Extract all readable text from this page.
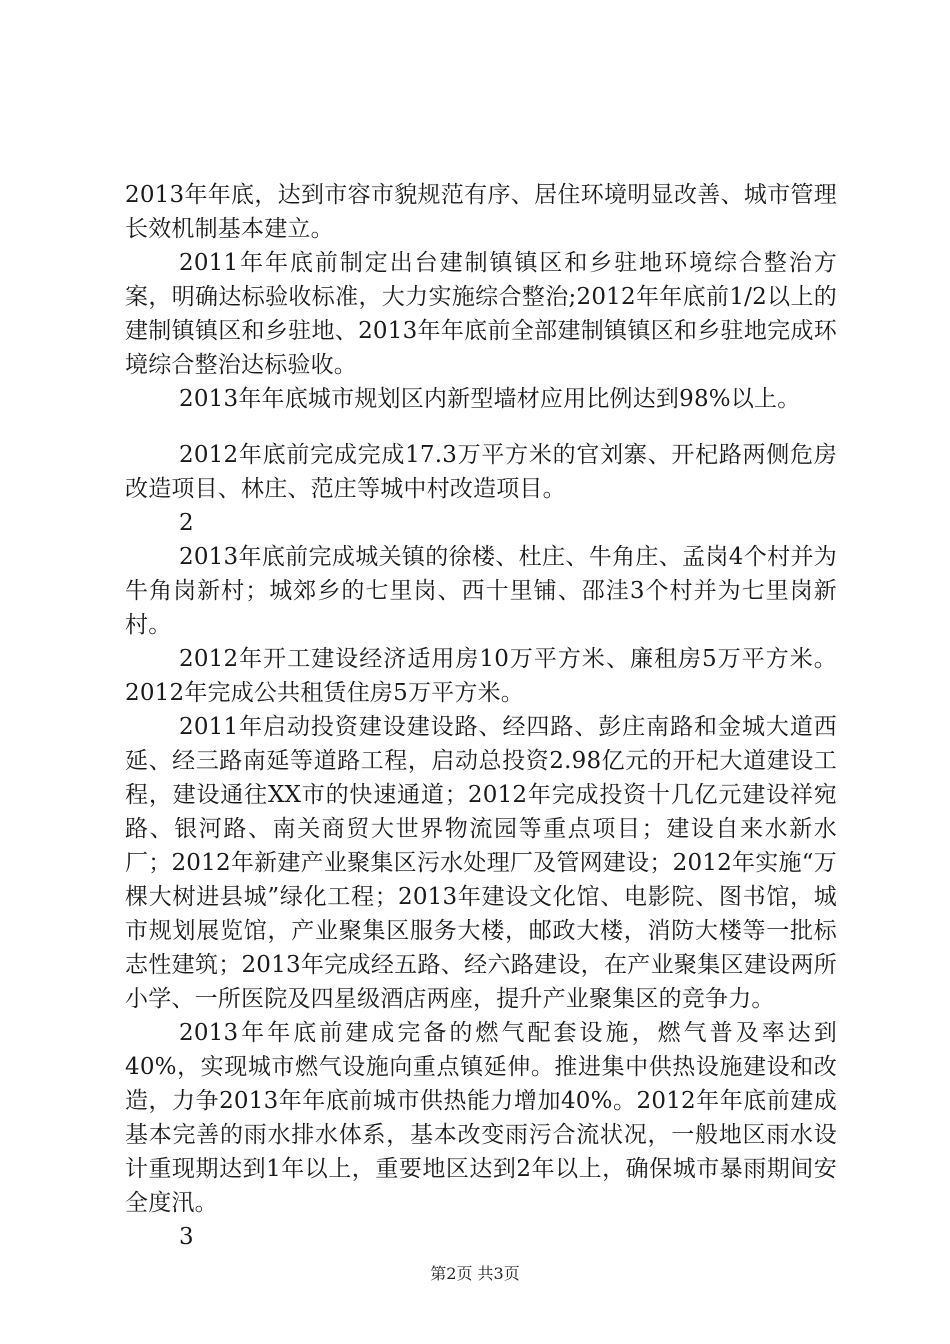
2013年年底，达到市容市貌规范有序、居住环境明显改善、城市管理长效机制基本建立。

2011年年底前制定出台建制镇镇区和乡驻地环境综合整治方案，明确达标验收标准，大力实施综合整治;2012年年底前1/2以上的建制镇镇区和乡驻地、2013年年底前全部建制镇镇区和乡驻地完成环境综合整治达标验收。

2013年年底城市规划区内新型墙材应用比例达到98%以上。

2012年底前完成完成17.3万平方米的官刘寨、开杞路两侧危房改造项目、林庄、范庄等城中村改造项目。

2

2013年底前完成城关镇的徐楼、杜庄、牛角庄、孟岗4个村并为牛角岗新村；城郊乡的七里岗、西十里铺、邵洼3个村并为七里岗新村。

2012年开工建设经济适用房10万平方米、廉租房5万平方米。2012年完成公共租赁住房5万平方米。

2011年启动投资建设建设路、经四路、彭庄南路和金城大道西延、经三路南延等道路工程，启动总投资2.98亿元的开杞大道建设工程，建设通往XX市的快速通道；2012年完成投资十几亿元建设祥宛路、银河路、南关商贸大世界物流园等重点项目；建设自来水新水厂；2012年新建产业聚集区污水处理厂及管网建设；2012年实施“万棵大树进县城”绿化工程；2013年建设文化馆、电影院、图书馆，城市规划展览馆，产业聚集区服务大楼，邮政大楼，消防大楼等一批标志性建筑；2013年完成经五路、经六路建设，在产业聚集区建设两所小学、一所医院及四星级酒店两座，提升产业聚集区的竞争力。

2013年年底前建成完备的燃气配套设施，燃气普及率达到40%，实现城市燃气设施向重点镇延伸。推进集中供热设施建设和改造，力争2013年年底前城市供热能力增加40%。2012年年底前建成基本完善的雨水排水体系，基本改变雨污合流状况，一般地区雨水设计重现期达到1年以上，重要地区达到2年以上，确保城市暴雨期间安全度汛。

3

第2页 共3页
